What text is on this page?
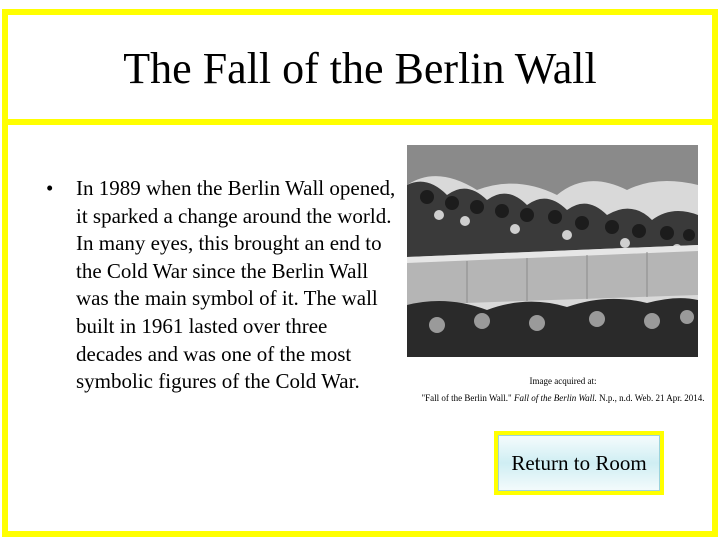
The Fall of the Berlin Wall
• In 1989 when the Berlin Wall opened, it sparked a change around the world. In many eyes, this brought an end to the Cold War since the Berlin Wall was the main symbol of it. The wall built in 1961 lasted over three decades and was one of the most symbolic figures of the Cold War.	Image acquired at:
"Fall of the Berlin Wall." Fall of the Berlin Wall. N.p., n.d. Web. 21 Apr. 2014.
Return to Room
